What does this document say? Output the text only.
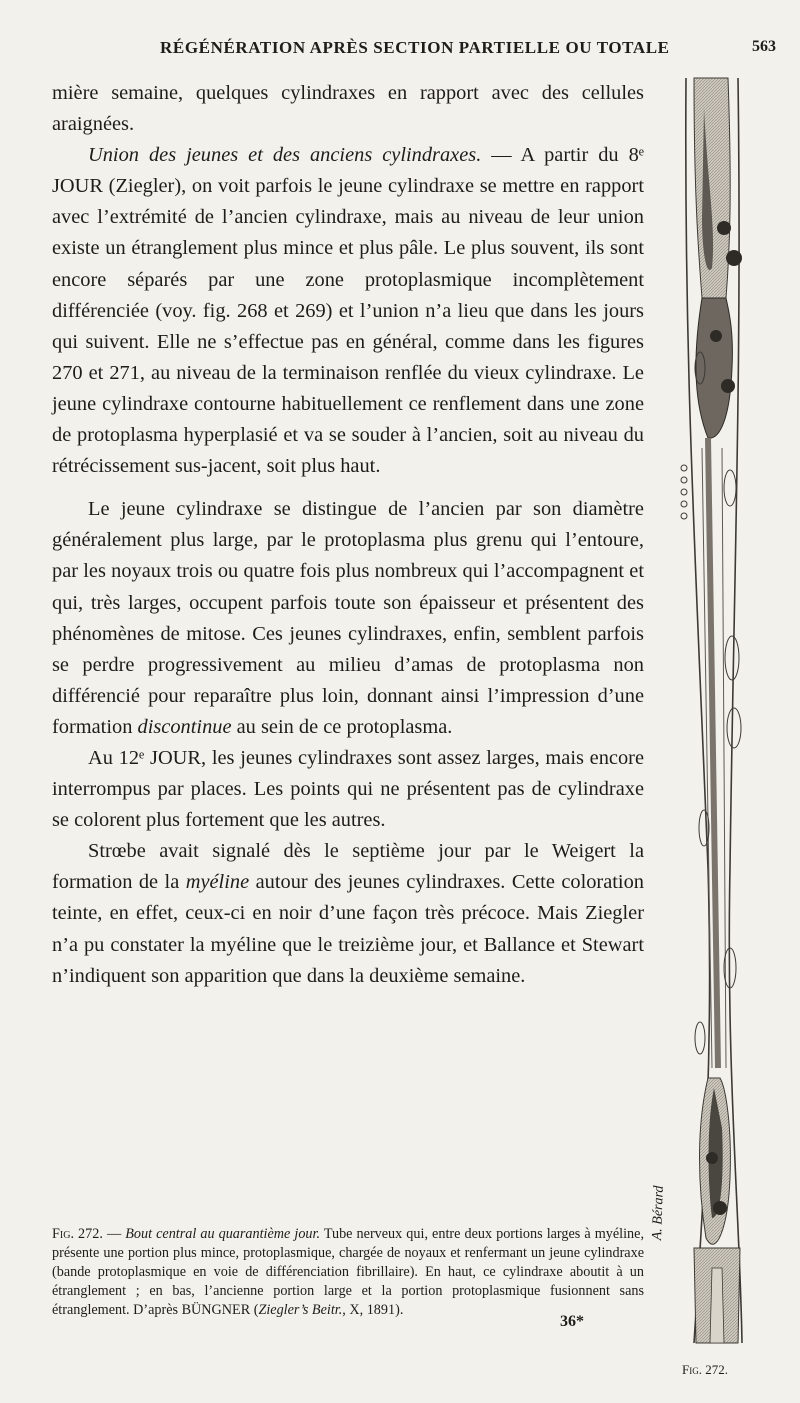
RÉGÉNÉRATION APRÈS SECTION PARTIELLE OU TOTALE	563

mière semaine, quelques cylindraxes en rapport avec des cellules araignées.

Union des jeunes et des anciens cylindraxes. — A partir du 8ᵉ JOUR (Ziegler), on voit parfois le jeune cylindraxe se mettre en rapport avec l’extrémité de l’ancien cylindraxe, mais au niveau de leur union existe un étranglement plus mince et plus pâle. Le plus souvent, ils sont encore séparés par une zone protoplasmique incomplètement différenciée (voy. fig. 268 et 269) et l’union n’a lieu que dans les jours qui suivent. Elle ne s’effectue pas en général, comme dans les figures 270 et 271, au niveau de la terminaison renflée du vieux cylindraxe. Le jeune cylindraxe contourne habituellement ce renflement dans une zone de protoplasma hyperplasié et va se souder à l’ancien, soit au niveau du rétrécissement sus-jacent, soit plus haut.

Le jeune cylindraxe se distingue de l’ancien par son diamètre généralement plus large, par le protoplasma plus grenu qui l’entoure, par les noyaux trois ou quatre fois plus nombreux qui l’accompagnent et qui, très larges, occupent parfois toute son épaisseur et présentent des phénomènes de mitose. Ces jeunes cylindraxes, enfin, semblent parfois se perdre progressivement au milieu d’amas de protoplasma non différencié pour reparaître plus loin, donnant ainsi l’impression d’une formation discontinue au sein de ce protoplasma.

Au 12ᵉ JOUR, les jeunes cylindraxes sont assez larges, mais encore interrompus par places. Les points qui ne présentent pas de cylindraxe se colorent plus fortement que les autres.

Strœbe avait signalé dès le septième jour par le Weigert la formation de la myéline autour des jeunes cylindraxes. Cette coloration teinte, en effet, ceux-ci en noir d’une façon très précoce. Mais Ziegler n’a pu constater la myéline que le treizième jour, et Ballance et Stewart n’indiquent son apparition que dans la deuxième semaine.

Fig. 272. — Bout central au quarantième jour. Tube nerveux qui, entre deux portions larges à myéline, présente une portion plus mince, protoplasmique, chargée de noyaux et renfermant un jeune cylindraxe (bande protoplasmique en voie de différenciation fibrillaire). En haut, ce cylindraxe aboutit à un étranglement ; en bas, l’ancienne portion large et la portion protoplasmique fusionnent sans étranglement. D’après BÜNGNER (Ziegler’s Beitr., X, 1891).
36*
A. Bérard
Fig. 272.
